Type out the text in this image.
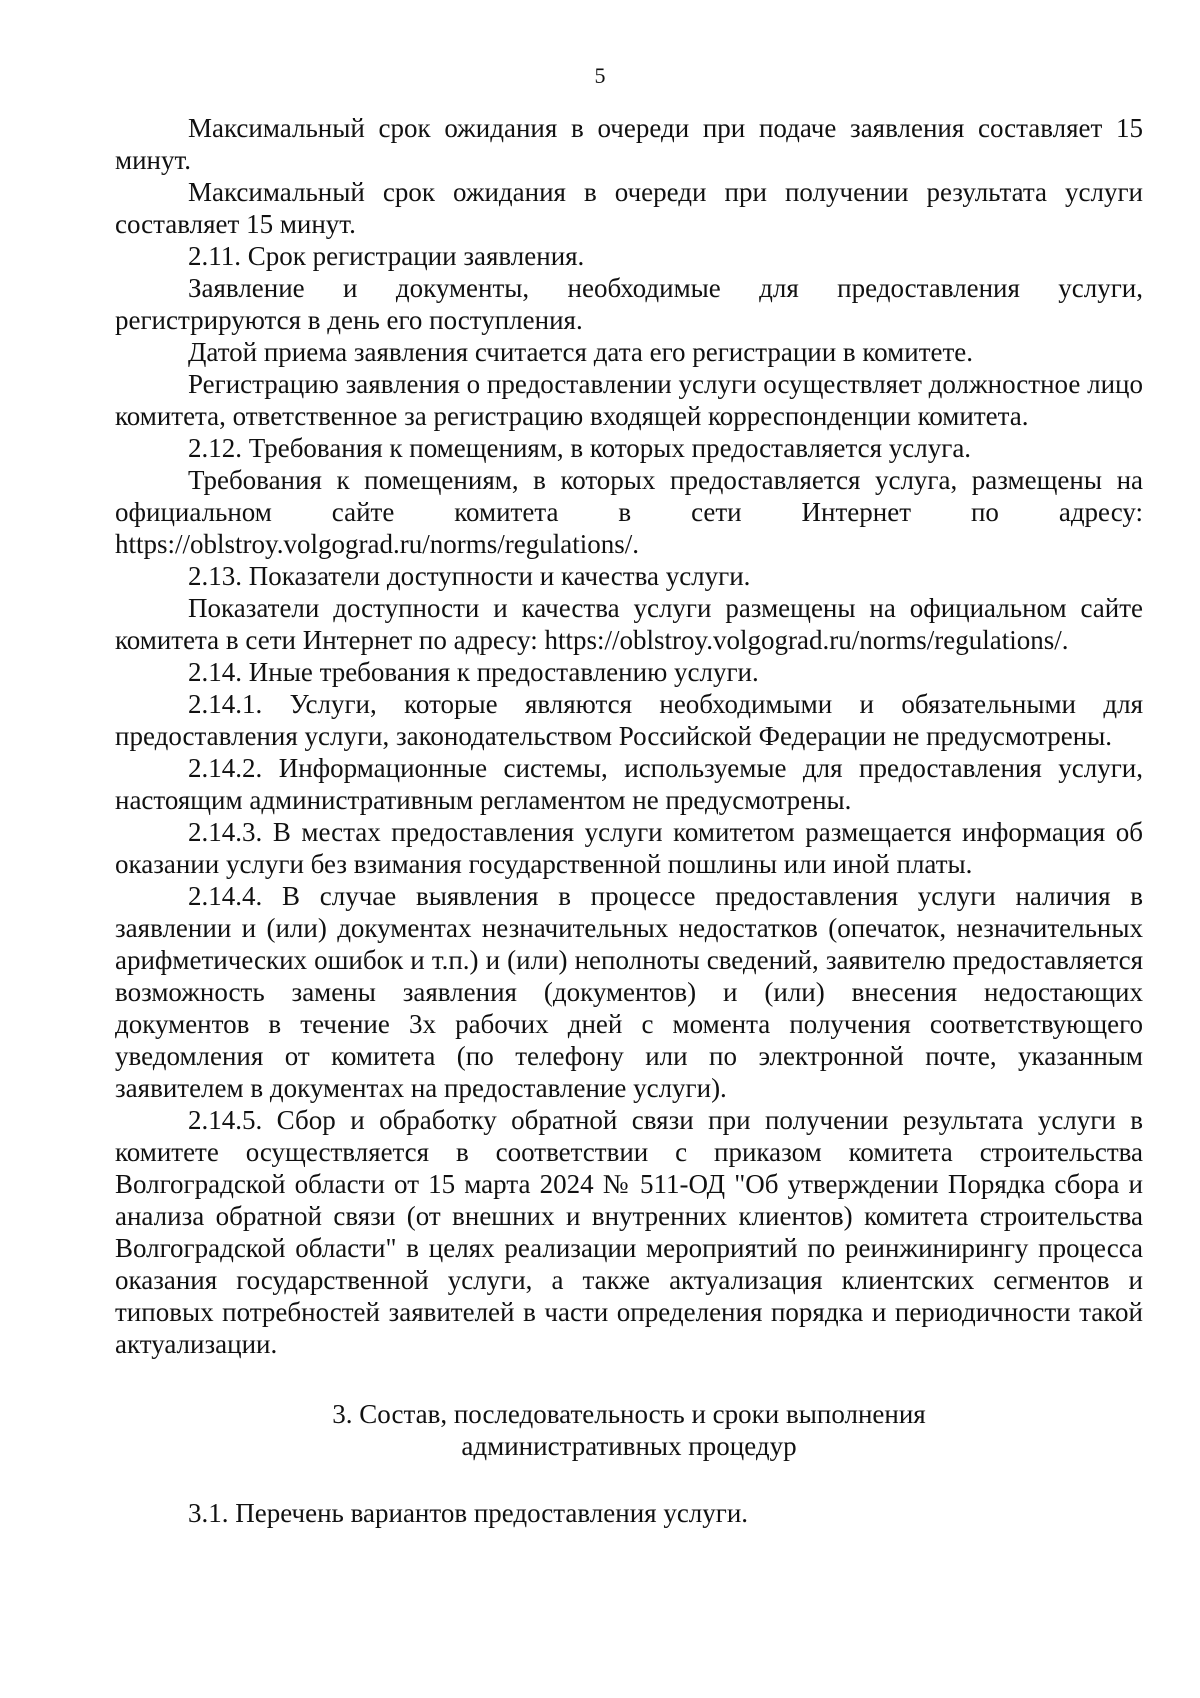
5

Максимальный срок ожидания в очереди при подаче заявления составляет 15 минут.

Максимальный срок ожидания в очереди при получении результата услуги составляет 15 минут.

2.11. Срок регистрации заявления.

Заявление и документы, необходимые для предоставления услуги, регистрируются в день его поступления.

Датой приема заявления считается дата его регистрации в комитете.

Регистрацию заявления о предоставлении услуги осуществляет должностное лицо комитета, ответственное за регистрацию входящей корреспонденции комитета.

2.12. Требования к помещениям, в которых предоставляется услуга.

Требования к помещениям, в которых предоставляется услуга, размещены на официальном сайте комитета в сети Интернет по адресу: https://oblstroy.volgograd.ru/norms/regulations/.

2.13. Показатели доступности и качества услуги.

Показатели доступности и качества услуги размещены на официальном сайте комитета в сети Интернет по адресу: https://oblstroy.volgograd.ru/norms/regulations/.

2.14. Иные требования к предоставлению услуги.

2.14.1. Услуги, которые являются необходимыми и обязательными для предоставления услуги, законодательством Российской Федерации не предусмотрены.

2.14.2. Информационные системы, используемые для предоставления услуги, настоящим административным регламентом не предусмотрены.

2.14.3. В местах предоставления услуги комитетом размещается информация об оказании услуги без взимания государственной пошлины или иной платы.

2.14.4. В случае выявления в процессе предоставления услуги наличия в заявлении и (или) документах незначительных недостатков (опечаток, незначительных арифметических ошибок и т.п.) и (или) неполноты сведений, заявителю предоставляется возможность замены заявления (документов) и (или) внесения недостающих документов в течение 3х рабочих дней с момента получения соответствующего уведомления от комитета (по телефону или по электронной почте, указанным заявителем в документах на предоставление услуги).

2.14.5. Сбор и обработку обратной связи при получении результата услуги в комитете осуществляется в соответствии с приказом комитета строительства Волгоградской области от 15 марта 2024 № 511-ОД "Об утверждении Порядка сбора и анализа обратной связи (от внешних и внутренних клиентов) комитета строительства Волгоградской области" в целях реализации мероприятий по реинжинирингу процесса оказания государственной услуги, а также актуализация клиентских сегментов и типовых потребностей заявителей в части определения порядка и периодичности такой актуализации.

3. Состав, последовательность и сроки выполнения
административных процедур

3.1. Перечень вариантов предоставления услуги.
